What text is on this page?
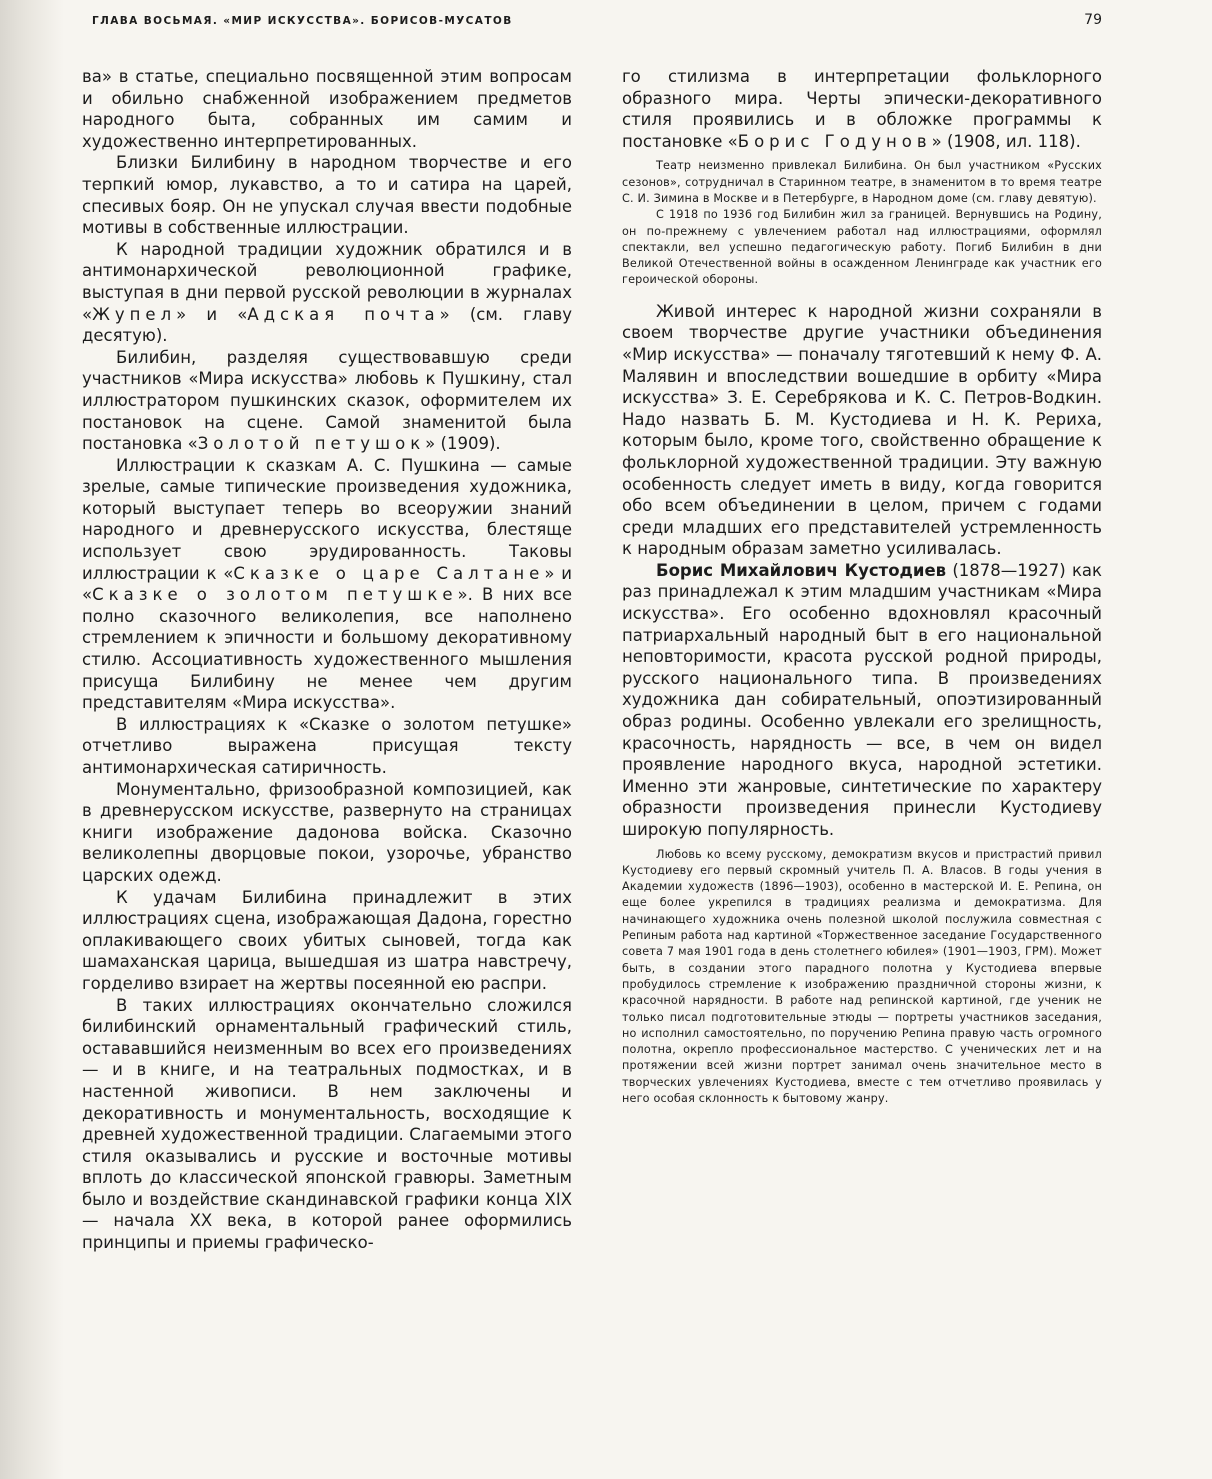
ГЛАВА ВОСЬМАЯ. «МИР ИСКУССТВА». БОРИСОВ-МУСАТОВ	79

ва» в статье, специально посвященной этим вопросам и обильно снабженной изображением предметов народного быта, собранных им самим и художественно интерпретированных.

Близки Билибину в народном творчестве и его терпкий юмор, лукавство, а то и сатира на царей, спесивых бояр. Он не упускал случая ввести подобные мотивы в собственные иллюстрации.

К народной традиции художник обратился и в антимонархической революционной графике, выступая в дни первой русской революции в журналах «Жупел» и «Адская почта» (см. главу десятую).

Билибин, разделяя существовавшую среди участников «Мира искусства» любовь к Пушкину, стал иллюстратором пушкинских сказок, оформителем их постановок на сцене. Самой знаменитой была постановка «Золотой петушок» (1909).

Иллюстрации к сказкам А. С. Пушкина — самые зрелые, самые типические произведения художника, который выступает теперь во всеоружии знаний народного и древнерусского искусства, блестяще использует свою эрудированность. Таковы иллюстрации к «Сказке о царе Салтане» и «Сказке о золотом петушке». В них все полно сказочного великолепия, все наполнено стремлением к эпичности и большому декоративному стилю. Ассоциативность художественного мышления присуща Билибину не менее чем другим представителям «Мира искусства».

В иллюстрациях к «Сказке о золотом петушке» отчетливо выражена присущая тексту антимонархическая сатиричность.

Монументально, фризообразной композицией, как в древнерусском искусстве, развернуто на страницах книги изображение дадонова войска. Сказочно великолепны дворцовые покои, узорочье, убранство царских одежд.

К удачам Билибина принадлежит в этих иллюстрациях сцена, изображающая Дадона, горестно оплакивающего своих убитых сыновей, тогда как шамаханская царица, вышедшая из шатра навстречу, горделиво взирает на жертвы посеянной ею распри.

В таких иллюстрациях окончательно сложился билибинский орнаментальный графический стиль, остававшийся неизменным во всех его произведениях — и в книге, и на театральных подмостках, и в настенной живописи. В нем заключены и декоративность и монументальность, восходящие к древней художественной традиции. Слагаемыми этого стиля оказывались и русские и восточные мотивы вплоть до классической японской гравюры. Заметным было и воздействие скандинавской графики конца XIX — начала XX века, в которой ранее оформились принципы и приемы графическо-

го стилизма в интерпретации фольклорного образного мира. Черты эпически-декоративного стиля проявились и в обложке программы к постановке «Борис Годунов» (1908, ил. 118).

Театр неизменно привлекал Билибина. Он был участником «Русских сезонов», сотрудничал в Старинном театре, в знаменитом в то время театре С. И. Зимина в Москве и в Петербурге, в Народном доме (см. главу девятую).

С 1918 по 1936 год Билибин жил за границей. Вернувшись на Родину, он по-прежнему с увлечением работал над иллюстрациями, оформлял спектакли, вел успешно педагогическую работу. Погиб Билибин в дни Великой Отечественной войны в осажденном Ленинграде как участник его героической обороны.

Живой интерес к народной жизни сохраняли в своем творчестве другие участники объединения «Мир искусства» — поначалу тяготевший к нему Ф. А. Малявин и впоследствии вошедшие в орбиту «Мира искусства» З. Е. Серебрякова и К. С. Петров-Водкин. Надо назвать Б. М. Кустодиева и Н. К. Рериха, которым было, кроме того, свойственно обращение к фольклорной художественной традиции. Эту важную особенность следует иметь в виду, когда говорится обо всем объединении в целом, причем с годами среди младших его представителей устремленность к народным образам заметно усиливалась.

Борис Михайлович Кустодиев (1878—1927) как раз принадлежал к этим младшим участникам «Мира искусства». Его особенно вдохновлял красочный патриархальный народный быт в его национальной неповторимости, красота русской родной природы, русского национального типа. В произведениях художника дан собирательный, опоэтизированный образ родины. Особенно увлекали его зрелищность, красочность, нарядность — все, в чем он видел проявление народного вкуса, народной эстетики. Именно эти жанровые, синтетические по характеру образности произведения принесли Кустодиеву широкую популярность.

Любовь ко всему русскому, демократизм вкусов и пристрастий привил Кустодиеву его первый скромный учитель П. А. Власов. В годы учения в Академии художеств (1896—1903), особенно в мастерской И. Е. Репина, он еще более укрепился в традициях реализма и демократизма. Для начинающего художника очень полезной школой послужила совместная с Репиным работа над картиной «Торжественное заседание Государственного совета 7 мая 1901 года в день столетнего юбилея» (1901—1903, ГРМ). Может быть, в создании этого парадного полотна у Кустодиева впервые пробудилось стремление к изображению праздничной стороны жизни, к красочной нарядности. В работе над репинской картиной, где ученик не только писал подготовительные этюды — портреты участников заседания, но исполнил самостоятельно, по поручению Репина правую часть огромного полотна, окрепло профессиональное мастерство. С ученических лет и на протяжении всей жизни портрет занимал очень значительное место в творческих увлечениях Кустодиева, вместе с тем отчетливо проявилась у него особая склонность к бытовому жанру.
